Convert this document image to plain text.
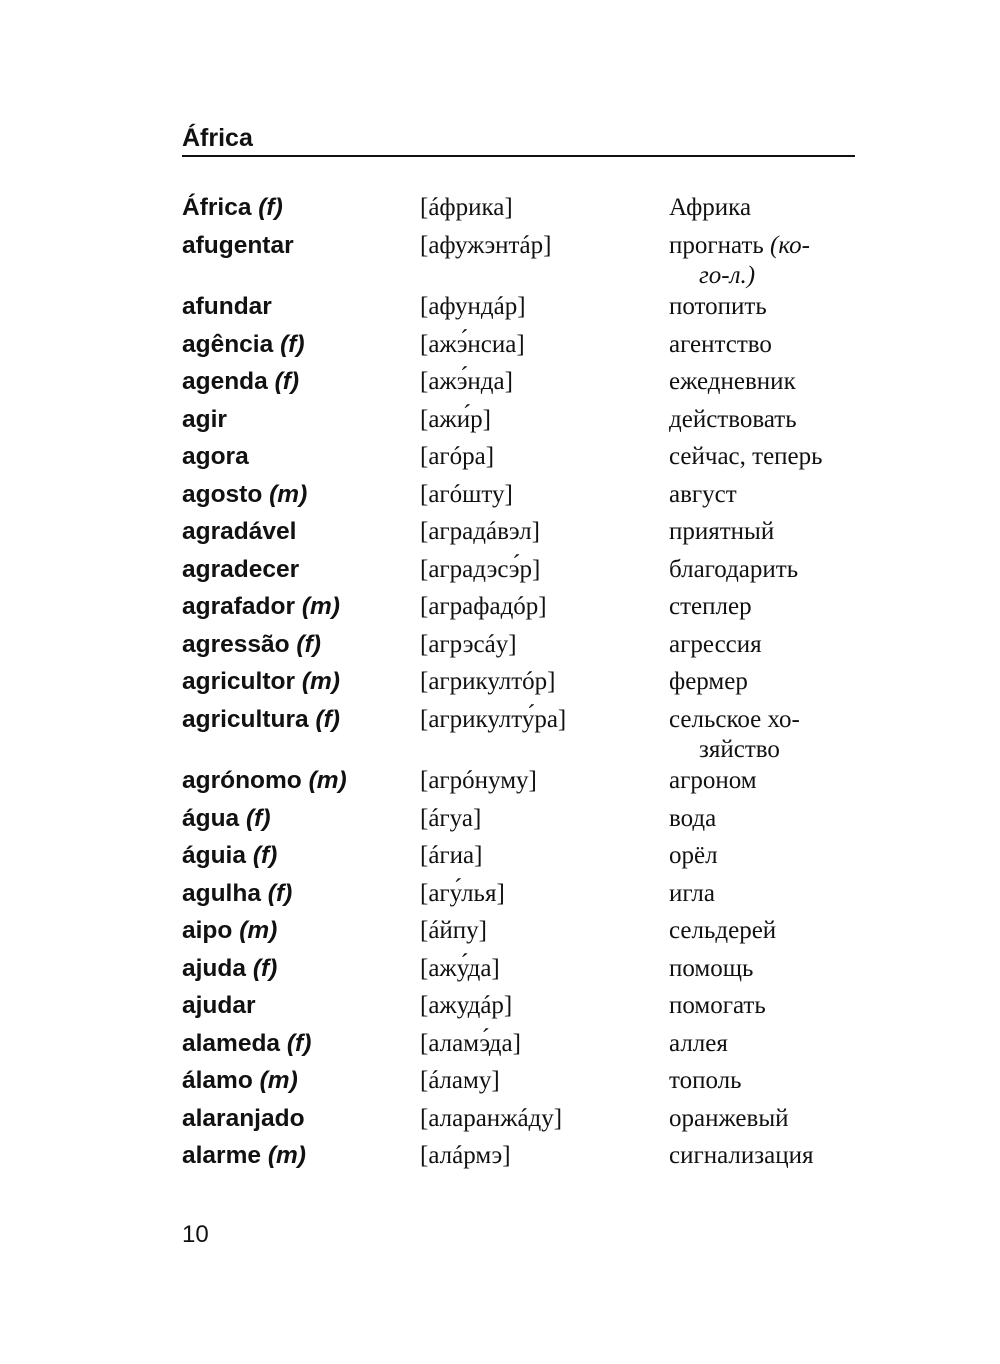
África
África (f)	[áфрика]	Африка
afugentar	[афужэнтáр]	прогнать (ко-
го-л.)
afundar	[афундáр]	потопить
agência (f)	[ажэ́нсиа]	агентство
agenda (f)	[ажэ́нда]	ежедневник
agir	[ажи́р]	действовать
agora	[агóра]	сейчас, теперь
agosto (m)	[агóшту]	август
agradável	[аградáвэл]	приятный
agradecer	[аградэсэ́р]	благодарить
agrafador (m)	[аграфадóр]	степлер
agressão (f)	[агрэсáу]	агрессия
agricultor (m)	[агрикултóр]	фермер
agricultura (f)	[агрикулту́ра]	сельское хо-
зяйство
agrónomo (m)	[агрóнуму]	агроном
água (f)	[áгуа]	вода
águia (f)	[áгиа]	орёл
agulha (f)	[агу́лья]	игла
aipo (m)	[áйпу]	сельдерей
ajuda (f)	[ажу́да]	помощь
ajudar	[ажудáр]	помогать
alameda (f)	[аламэ́да]	аллея
álamo (m)	[áламу]	тополь
alaranjado	[аларанжáду]	оранжевый
alarme (m)	[алáрмэ]	сигнализация
10
